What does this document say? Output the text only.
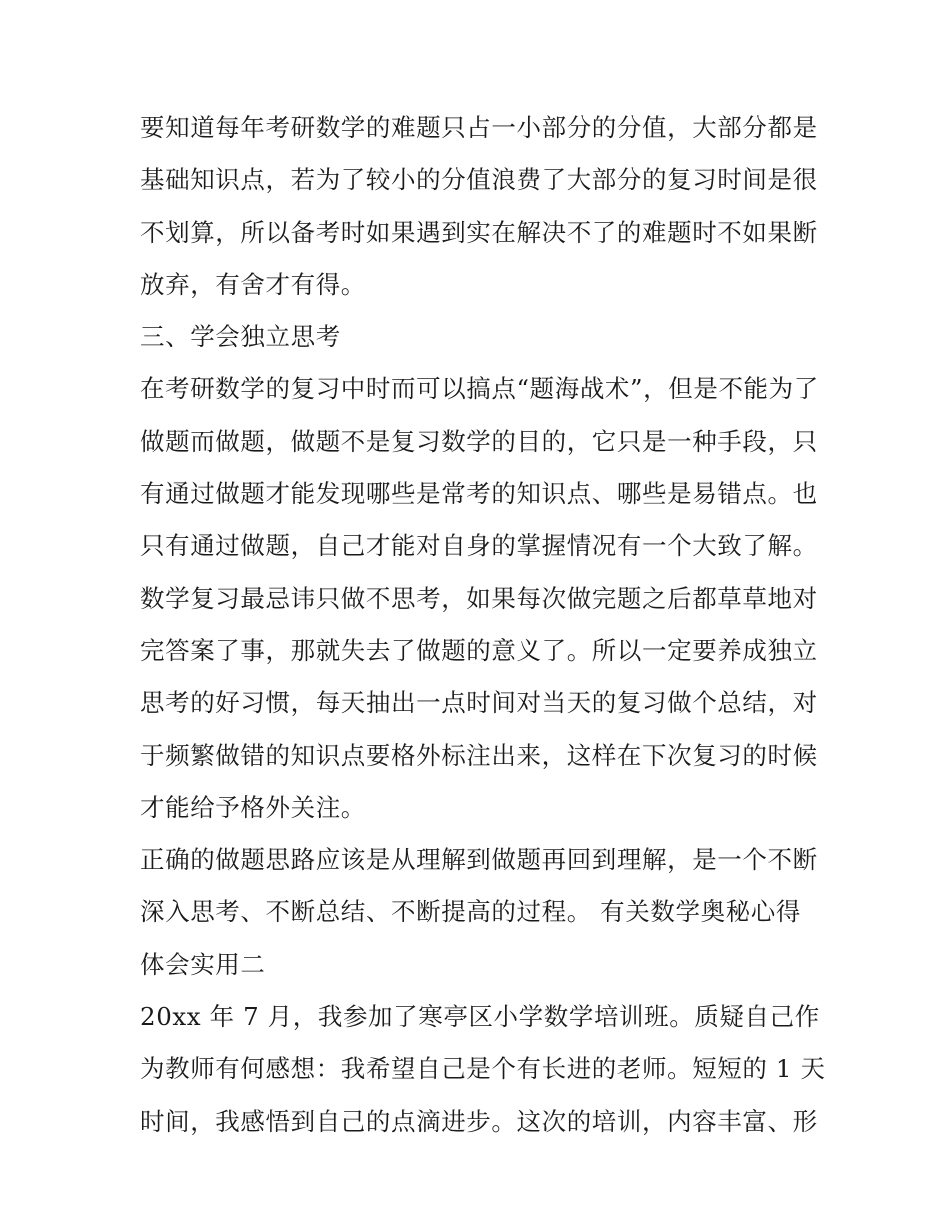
要知道每年考研数学的难题只占一小部分的分值，大部分都是
基础知识点，若为了较小的分值浪费了大部分的复习时间是很
不划算，所以备考时如果遇到实在解决不了的难题时不如果断
放弃，有舍才有得。
三、学会独立思考
在考研数学的复习中时而可以搞点“题海战术”，但是不能为了
做题而做题，做题不是复习数学的目的，它只是一种手段，只
有通过做题才能发现哪些是常考的知识点、哪些是易错点。也
只有通过做题，自己才能对自身的掌握情况有一个大致了解。
数学复习最忌讳只做不思考，如果每次做完题之后都草草地对
完答案了事，那就失去了做题的意义了。所以一定要养成独立
思考的好习惯，每天抽出一点时间对当天的复习做个总结，对
于频繁做错的知识点要格外标注出来，这样在下次复习的时候
才能给予格外关注。
正确的做题思路应该是从理解到做题再回到理解，是一个不断
深入思考、不断总结、不断提高的过程。 有关数学奥秘心得
体会实用二
20xx 年 7 月，我参加了寒亭区小学数学培训班。质疑自己作
为教师有何感想：我希望自己是个有长进的老师。短短的 1 天
时间，我感悟到自己的点滴进步。这次的培训，内容丰富、形
